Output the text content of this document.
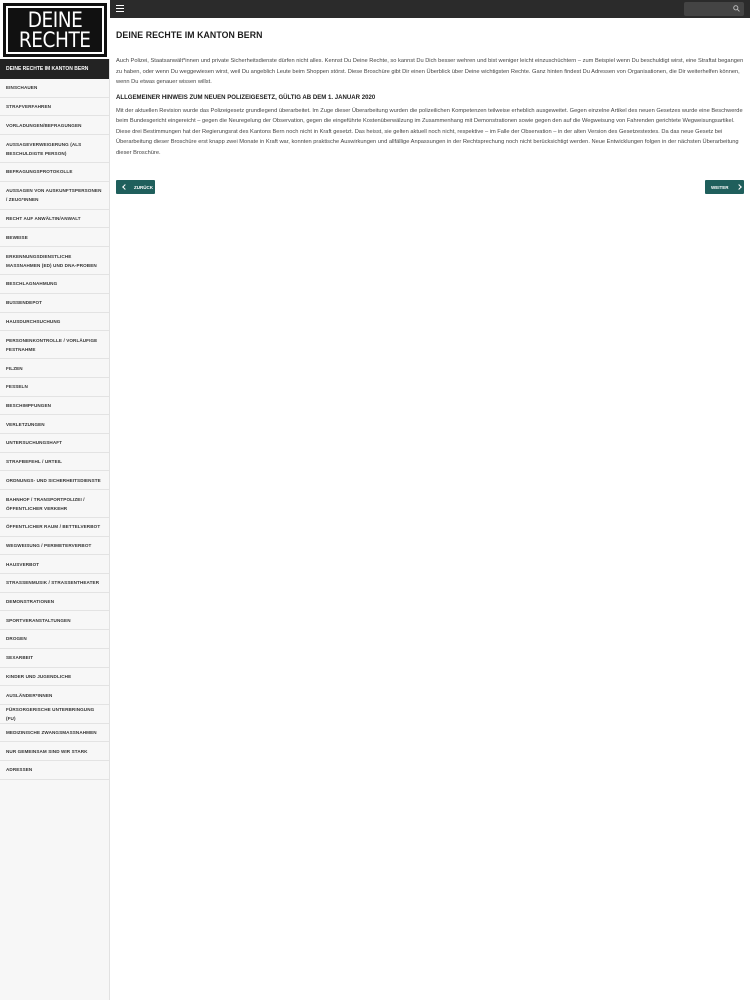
DEINE
RECHTE
DEINE RECHTE IM KANTON BERN
EINSCHAUEN
STRAFVERFAHREN
VORLADUNGEN/BEFRAGUNGEN
AUSSAGEVERWEIGERUNG (ALS BESCHULDIGTE PERSON)
BEFRAGUNGSPROTOKOLLE
AUSSAGEN VON AUSKUNFTSPERSONEN / ZEUG*INNEN
RECHT AUF ANWÄLTIN/ANWALT
BEWEISE
ERKENNUNGSDIENSTLICHE MASSNAHMEN (ED) UND DNA-PROBEN
BESCHLAGNAHMUNG
BUSSENDEPOT
HAUSDURCHSUCHUNG
PERSONENKONTROLLE / VORLÄUFIGE FESTNAHME
FILZEN
FESSELN
BESCHIMPFUNGEN
VERLETZUNGEN
UNTERSUCHUNGSHAFT
STRAFBEFEHL / URTEIL
ORDNUNGS- UND SICHERHEITSDIENSTE
BAHNHOF / TRANSPORTPOLIZEI / ÖFFENTLICHER VERKEHR
ÖFFENTLICHER RAUM / BETTELVERBOT
WEGWEISUNG / PERIMETERVERBOT
HAUSVERBOT
STRASSENMUSIK / STRASSENTHEATER
DEMONSTRATIONEN
SPORTVERANSTALTUNGEN
DROGEN
SEXARBEIT
KINDER UND JUGENDLICHE
AUSLÄNDER*INNEN
FÜRSORGERISCHE UNTERBRINGUNG (FU)
MEDIZINISCHE ZWANGSMASSNAHMEN
NUR GEMEINSAM SIND WIR STARK
ADRESSEN
DEINE RECHTE IM KANTON BERN

Auch Polizei, Staatsanwält*innen und private Sicherheitsdienste dürfen nicht alles. Kennst Du Deine Rechte, so kannst Du Dich besser wehren und bist weniger leicht einzuschüchtern – zum Beispiel wenn Du beschuldigt wirst, eine Straftat begangen zu haben, oder wenn Du weggewiesen wirst, weil Du angeblich Leute beim Shoppen störst. Diese Broschüre gibt Dir einen Überblick über Deine wichtigsten Rechte. Ganz hinten findest Du Adressen von Organisationen, die Dir weiterhelfen können, wenn Du etwas genauer wissen willst.

ALLGEMEINER HINWEIS ZUM NEUEN POLIZEIGESETZ, GÜLTIG AB DEM 1. JANUAR 2020

Mit der aktuellen Revision wurde das Polizeigesetz grundlegend überarbeitet. Im Zuge dieser Überarbeitung wurden die polizeilichen Kompetenzen teilweise erheblich ausgeweitet. Gegen einzelne Artikel des neuen Gesetzes wurde eine Beschwerde beim Bundesgericht eingereicht – gegen die Neuregelung der Observation, gegen die eingeführte Kostenüberwälzung im Zusammenhang mit Demonstrationen sowie gegen den auf die Wegweisung von Fahrenden gerichtete Wegweisungsartikel. Diese drei Bestimmungen hat der Regierungsrat des Kantons Bern noch nicht in Kraft gesetzt. Das heisst, sie gelten aktuell noch nicht, respektive – im Falle der Observation – in der alten Version des Gesetzestextes. Da das neue Gesetz bei Überarbeitung dieser Broschüre erst knapp zwei Monate in Kraft war, konnten praktische Auswirkungen und allfällige Anpassungen in der Rechtsprechung noch nicht berücksichtigt werden. Neue Entwicklungen folgen in der nächsten Überarbeitung dieser Broschüre.

ZURÜCK	WEITER
